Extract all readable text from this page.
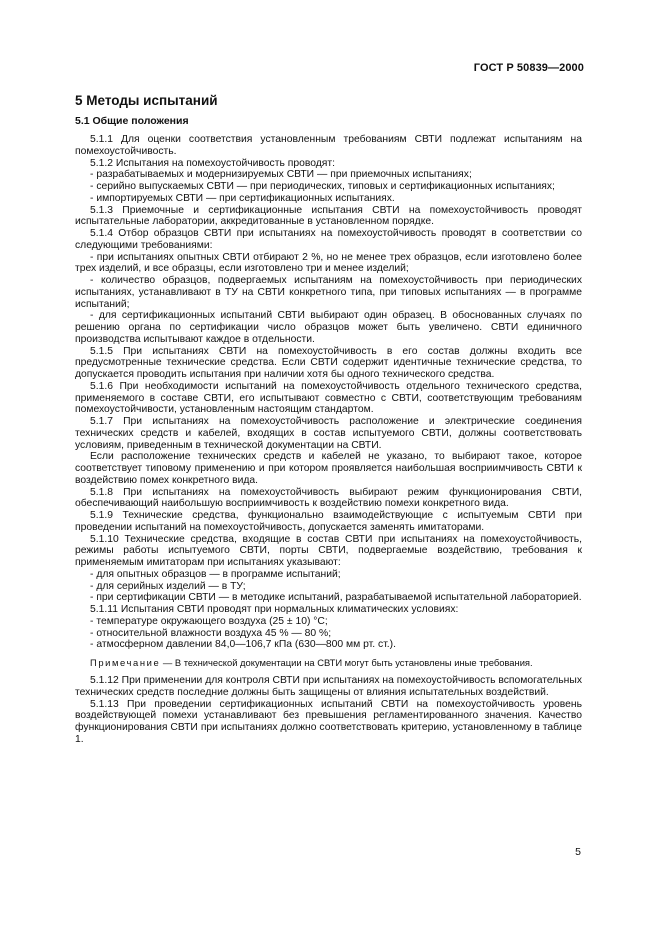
ГОСТ Р 50839—2000
5 Методы испытаний
5.1 Общие положения

5.1.1 Для оценки соответствия установленным требованиям СВТИ подлежат испытаниям на помехоустойчивость.

5.1.2 Испытания на помехоустойчивость проводят:

- разрабатываемых и модернизируемых СВТИ — при приемочных испытаниях;

- серийно выпускаемых СВТИ — при периодических, типовых и сертификационных испытаниях;

- импортируемых СВТИ — при сертификационных испытаниях.

5.1.3 Приемочные и сертификационные испытания СВТИ на помехоустойчивость проводят испытательные лаборатории, аккредитованные в установленном порядке.

5.1.4 Отбор образцов СВТИ при испытаниях на помехоустойчивость проводят в соответствии со следующими требованиями:

- при испытаниях опытных СВТИ отбирают 2 %, но не менее трех образцов, если изготовлено более трех изделий, и все образцы, если изготовлено три и менее изделий;

- количество образцов, подвергаемых испытаниям на помехоустойчивость при периодических испытаниях, устанавливают в ТУ на СВТИ конкретного типа, при типовых испытаниях — в программе испытаний;

- для сертификационных испытаний СВТИ выбирают один образец. В обоснованных случаях по решению органа по сертификации число образцов может быть увеличено. СВТИ единичного производства испытывают каждое в отдельности.

5.1.5 При испытаниях СВТИ на помехоустойчивость в его состав должны входить все предусмотренные технические средства. Если СВТИ содержит идентичные технические средства, то допускается проводить испытания при наличии хотя бы одного технического средства.

5.1.6 При необходимости испытаний на помехоустойчивость отдельного технического средства, применяемого в составе СВТИ, его испытывают совместно с СВТИ, соответствующим требованиям помехоустойчивости, установленным настоящим стандартом.

5.1.7 При испытаниях на помехоустойчивость расположение и электрические соединения технических средств и кабелей, входящих в состав испытуемого СВТИ, должны соответствовать условиям, приведенным в технической документации на СВТИ.

Если расположение технических средств и кабелей не указано, то выбирают такое, которое соответствует типовому применению и при котором проявляется наибольшая восприимчивость СВТИ к воздействию помех конкретного вида.

5.1.8 При испытаниях на помехоустойчивость выбирают режим функционирования СВТИ, обеспечивающий наибольшую восприимчивость к воздействию помехи конкретного вида.

5.1.9 Технические средства, функционально взаимодействующие с испытуемым СВТИ при проведении испытаний на помехоустойчивость, допускается заменять имитаторами.

5.1.10 Технические средства, входящие в состав СВТИ при испытаниях на помехоустойчивость, режимы работы испытуемого СВТИ, порты СВТИ, подвергаемые воздействию, требования к применяемым имитаторам при испытаниях указывают:

- для опытных образцов — в программе испытаний;

- для серийных изделий — в ТУ;

- при сертификации СВТИ — в методике испытаний, разрабатываемой испытательной лабораторией.

5.1.11 Испытания СВТИ проводят при нормальных климатических условиях:

- температуре окружающего воздуха (25 ± 10) °С;

- относительной влажности воздуха 45 % — 80 %;

- атмосферном давлении 84,0—106,7 кПа (630—800 мм рт. ст.).

Примечание — В технической документации на СВТИ могут быть установлены иные требования.

5.1.12 При применении для контроля СВТИ при испытаниях на помехоустойчивость вспомогательных технических средств последние должны быть защищены от влияния испытательных воздействий.

5.1.13 При проведении сертификационных испытаний СВТИ на помехоустойчивость уровень воздействующей помехи устанавливают без превышения регламентированного значения. Качество функционирования СВТИ при испытаниях должно соответствовать критерию, установленному в таблице 1.

5
